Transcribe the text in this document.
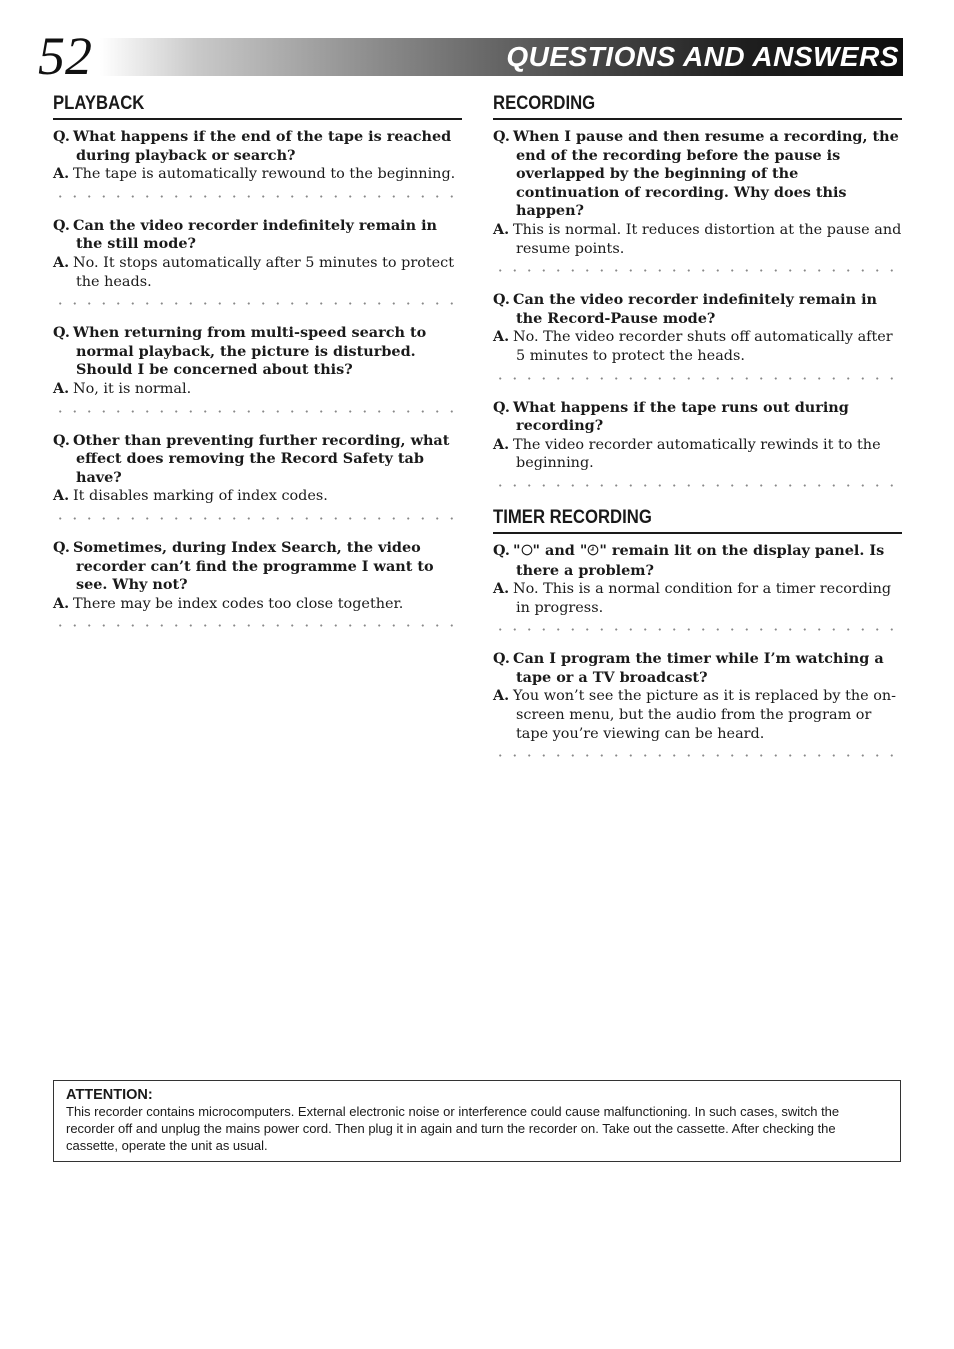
52	QUESTIONS AND ANSWERS
PLAYBACK
Q. What happens if the end of the tape is reached during playback or search?
A. The tape is automatically rewound to the beginning.
Q. Can the video recorder indefinitely remain in the still mode?
A. No. It stops automatically after 5 minutes to protect the heads.
Q. When returning from multi-speed search to normal playback, the picture is disturbed. Should I be concerned about this?
A. No, it is normal.
Q. Other than preventing further recording, what effect does removing the Record Safety tab have?
A. It disables marking of index codes.
Q. Sometimes, during Index Search, the video recorder can’t find the programme I want to see. Why not?
A. There may be index codes too close together.
RECORDING
Q. When I pause and then resume a recording, the end of the recording before the pause is overlapped by the beginning of the continuation of recording. Why does this happen?
A. This is normal. It reduces distortion at the pause and resume points.
Q. Can the video recorder indefinitely remain in the Record-Pause mode?
A. No. The video recorder shuts off automatically after 5 minutes to protect the heads.
Q. What happens if the tape runs out during recording?
A. The video recorder automatically rewinds it to the beginning.
TIMER RECORDING
Q. " " and " " remain lit on the display panel. Is there a problem?
A. No. This is a normal condition for a timer recording in progress.
Q. Can I program the timer while I’m watching a tape or a TV broadcast?
A. You won’t see the picture as it is replaced by the on-screen menu, but the audio from the program or tape you’re viewing can be heard.
ATTENTION:
This recorder contains microcomputers. External electronic noise or interference could cause malfunctioning. In such cases, switch the recorder off and unplug the mains power cord. Then plug it in again and turn the recorder on. Take out the cassette. After checking the cassette, operate the unit as usual.
